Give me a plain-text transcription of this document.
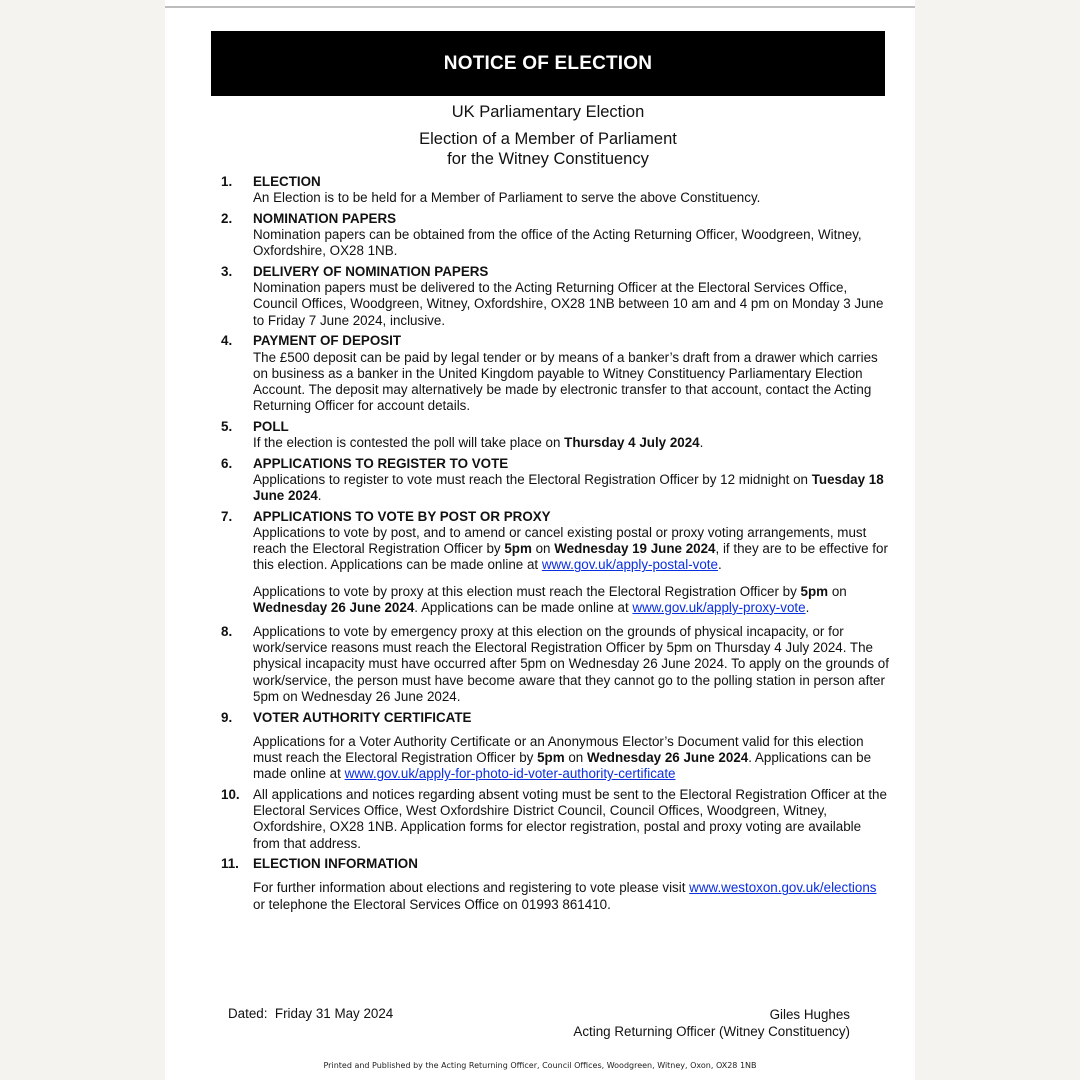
NOTICE OF ELECTION
UK Parliamentary Election
Election of a Member of Parliament
for the Witney Constituency
1.	ELECTION
An Election is to be held for a Member of Parliament to serve the above Constituency.
2.	NOMINATION PAPERS
Nomination papers can be obtained from the office of the Acting Returning Officer, Woodgreen, Witney, Oxfordshire, OX28 1NB.
3.	DELIVERY OF NOMINATION PAPERS
Nomination papers must be delivered to the Acting Returning Officer at the Electoral Services Office, Council Offices, Woodgreen, Witney, Oxfordshire, OX28 1NB between 10 am and 4 pm on Monday 3 June to Friday 7 June 2024, inclusive.
4.	PAYMENT OF DEPOSIT
The £500 deposit can be paid by legal tender or by means of a banker’s draft from a drawer which carries on business as a banker in the United Kingdom payable to Witney Constituency Parliamentary Election Account. The deposit may alternatively be made by electronic transfer to that account, contact the Acting Returning Officer for account details.
5.	POLL
If the election is contested the poll will take place on Thursday 4 July 2024.
6.	APPLICATIONS TO REGISTER TO VOTE
Applications to register to vote must reach the Electoral Registration Officer by 12 midnight on Tuesday 18 June 2024.
7.	APPLICATIONS TO VOTE BY POST OR PROXY
Applications to vote by post, and to amend or cancel existing postal or proxy voting arrangements, must reach the Electoral Registration Officer by 5pm on Wednesday 19 June 2024, if they are to be effective for this election. Applications can be made online at www.gov.uk/apply-postal-vote.
Applications to vote by proxy at this election must reach the Electoral Registration Officer by 5pm on Wednesday 26 June 2024. Applications can be made online at www.gov.uk/apply-proxy-vote.
8.	Applications to vote by emergency proxy at this election on the grounds of physical incapacity, or for work/service reasons must reach the Electoral Registration Officer by 5pm on Thursday 4 July 2024. The physical incapacity must have occurred after 5pm on Wednesday 26 June 2024. To apply on the grounds of work/service, the person must have become aware that they cannot go to the polling station in person after 5pm on Wednesday 26 June 2024.
9.	VOTER AUTHORITY CERTIFICATE
Applications for a Voter Authority Certificate or an Anonymous Elector’s Document valid for this election must reach the Electoral Registration Officer by 5pm on Wednesday 26 June 2024. Applications can be made online at www.gov.uk/apply-for-photo-id-voter-authority-certificate
10. All applications and notices regarding absent voting must be sent to the Electoral Registration Officer at the Electoral Services Office, West Oxfordshire District Council, Council Offices, Woodgreen, Witney, Oxfordshire, OX28 1NB. Application forms for elector registration, postal and proxy voting are available from that address.
11.	ELECTION INFORMATION
For further information about elections and registering to vote please visit www.westoxon.gov.uk/elections or telephone the Electoral Services Office on 01993 861410.
Dated: Friday 31 May 2024	Giles Hughes
Acting Returning Officer (Witney Constituency)
Printed and Published by the Acting Returning Officer, Council Offices, Woodgreen, Witney, Oxon, OX28 1NB
